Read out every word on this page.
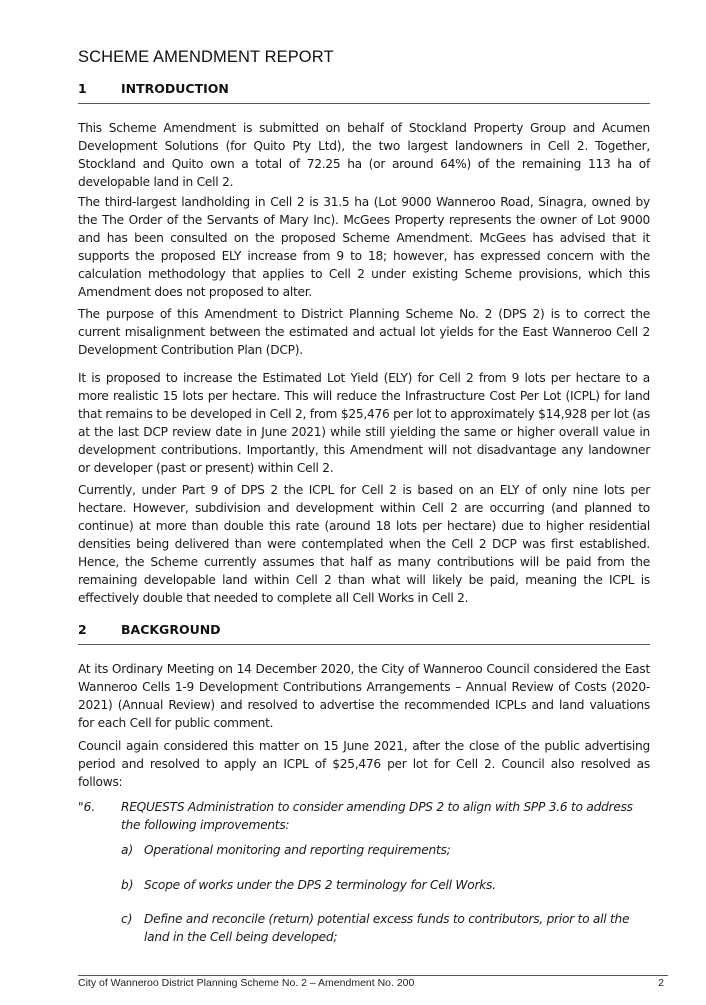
SCHEME AMENDMENT REPORT
1	INTRODUCTION

This Scheme Amendment is submitted on behalf of Stockland Property Group and Acumen Development Solutions (for Quito Pty Ltd), the two largest landowners in Cell 2. Together, Stockland and Quito own a total of 72.25 ha (or around 64%) of the remaining 113 ha of developable land in Cell 2.

The third-largest landholding in Cell 2 is 31.5 ha (Lot 9000 Wanneroo Road, Sinagra, owned by the The Order of the Servants of Mary Inc). McGees Property represents the owner of Lot 9000 and has been consulted on the proposed Scheme Amendment. McGees has advised that it supports the proposed ELY increase from 9 to 18; however, has expressed concern with the calculation methodology that applies to Cell 2 under existing Scheme provisions, which this Amendment does not proposed to alter.

The purpose of this Amendment to District Planning Scheme No. 2 (DPS 2) is to correct the current misalignment between the estimated and actual lot yields for the East Wanneroo Cell 2 Development Contribution Plan (DCP).

It is proposed to increase the Estimated Lot Yield (ELY) for Cell 2 from 9 lots per hectare to a more realistic 15 lots per hectare. This will reduce the Infrastructure Cost Per Lot (ICPL) for land that remains to be developed in Cell 2, from $25,476 per lot to approximately $14,928 per lot (as at the last DCP review date in June 2021) while still yielding the same or higher overall value in development contributions. Importantly, this Amendment will not disadvantage any landowner or developer (past or present) within Cell 2.

Currently, under Part 9 of DPS 2 the ICPL for Cell 2 is based on an ELY of only nine lots per hectare. However, subdivision and development within Cell 2 are occurring (and planned to continue) at more than double this rate (around 18 lots per hectare) due to higher residential densities being delivered than were contemplated when the Cell 2 DCP was first established. Hence, the Scheme currently assumes that half as many contributions will be paid from the remaining developable land within Cell 2 than what will likely be paid, meaning the ICPL is effectively double that needed to complete all Cell Works in Cell 2.

2	BACKGROUND

At its Ordinary Meeting on 14 December 2020, the City of Wanneroo Council considered the East Wanneroo Cells 1-9 Development Contributions Arrangements – Annual Review of Costs (2020-2021) (Annual Review) and resolved to advertise the recommended ICPLs and land valuations for each Cell for public comment.

Council again considered this matter on 15 June 2021, after the close of the public advertising period and resolved to apply an ICPL of $25,476 per lot for Cell 2. Council also resolved as follows:

"6. REQUESTS Administration to consider amending DPS 2 to align with SPP 3.6 to address the following improvements:

a) Operational monitoring and reporting requirements;

b) Scope of works under the DPS 2 terminology for Cell Works.

c) Define and reconcile (return) potential excess funds to contributors, prior to all the land in the Cell being developed;

City of Wanneroo District Planning Scheme No. 2 – Amendment No. 200	2
